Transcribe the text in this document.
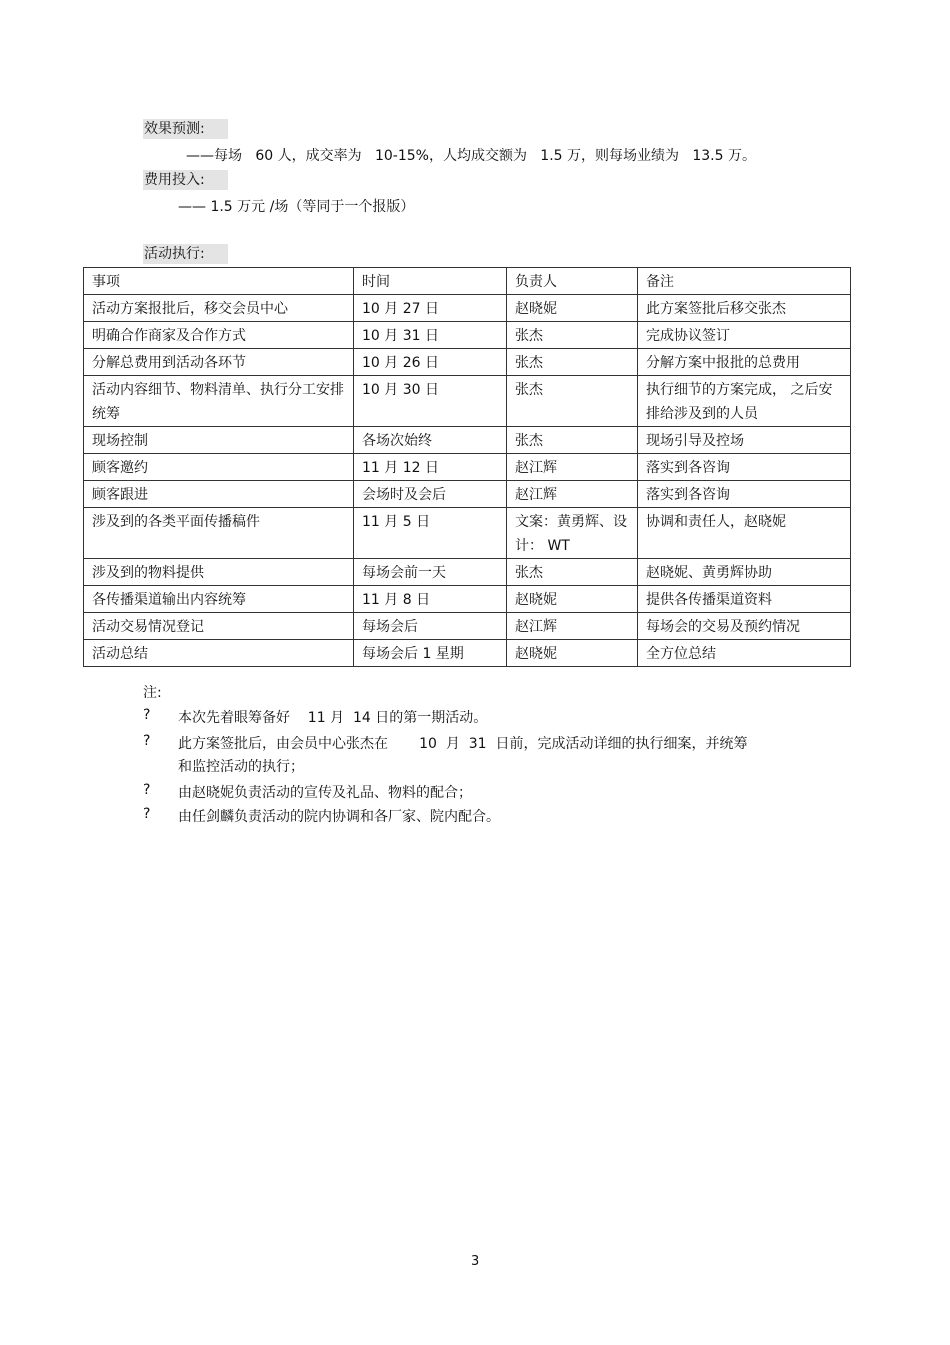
效果预测:
——每场   60 人，成交率为   10-15%，人均成交额为   1.5 万，则每场业绩为   13.5 万。
费用投入:
—— 1.5 万元 /场（等同于一个报版）
活动执行:
事项	时间	负责人	备注
活动方案报批后，移交会员中心	10 月 27 日	赵晓妮	此方案签批后移交张杰
明确合作商家及合作方式	10 月 31 日	张杰	完成协议签订
分解总费用到活动各环节	10 月 26 日	张杰	分解方案中报批的总费用
活动内容细节、物料清单、执行分工安排统筹	10 月 30 日	张杰	执行细节的方案完成， 之后安排给涉及到的人员
现场控制	各场次始终	张杰	现场引导及控场
顾客邀约	11 月 12 日	赵江辉	落实到各咨询
顾客跟进	会场时及会后	赵江辉	落实到各咨询
涉及到的各类平面传播稿件	11 月 5 日	文案：黄勇辉、设计： WT	协调和责任人，赵晓妮
涉及到的物料提供	每场会前一天	张杰	赵晓妮、黄勇辉协助
各传播渠道输出内容统筹	11 月 8 日	赵晓妮	提供各传播渠道资料
活动交易情况登记	每场会后	赵江辉	每场会的交易及预约情况
活动总结	每场会后 1 星期	赵晓妮	全方位总结
注:
? 本次先着眼筹备好    11 月  14 日的第一期活动。
? 此方案签批后，由会员中心张杰在       10  月  31  日前，完成活动详细的执行细案，并统筹
和监控活动的执行；
? 由赵晓妮负责活动的宣传及礼品、物料的配合；
? 由任剑麟负责活动的院内协调和各厂家、院内配合。
3
